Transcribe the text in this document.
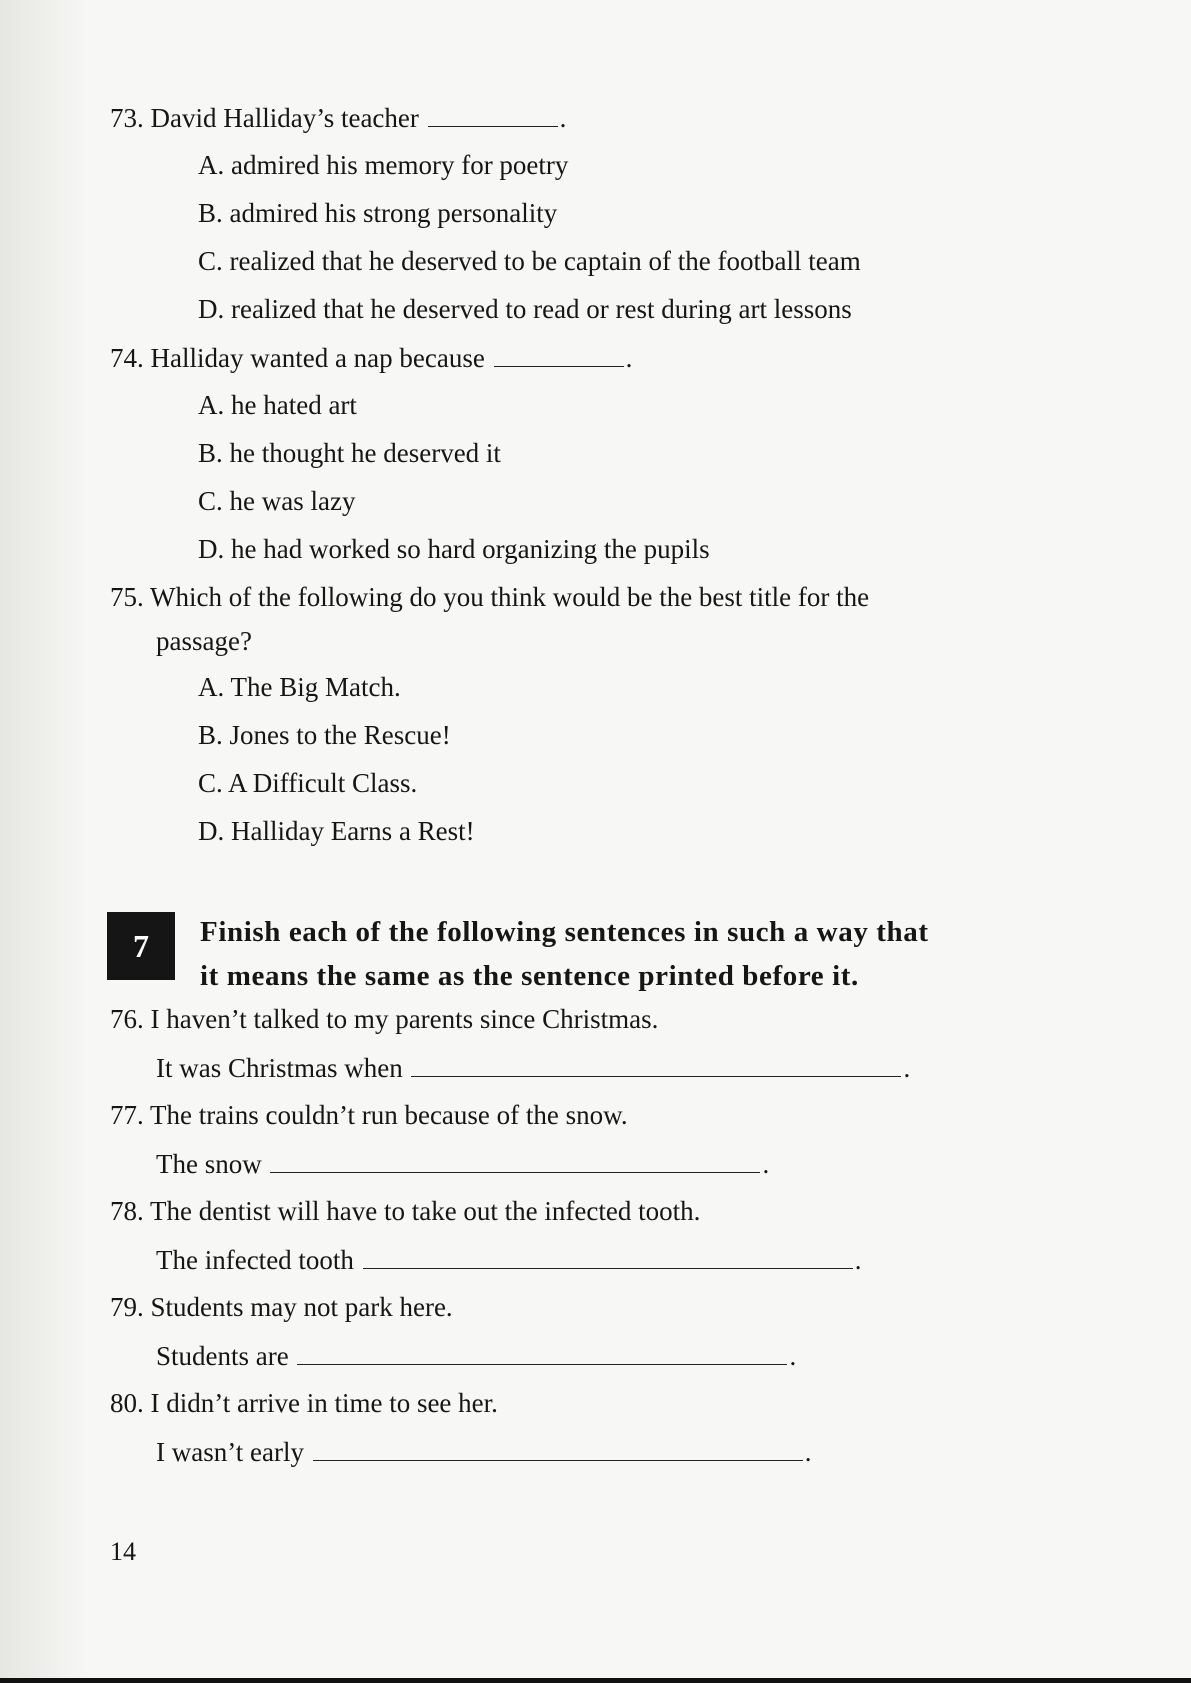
73. David Halliday’s teacher	.
A. admired his memory for poetry
B. admired his strong personality
C. realized that he deserved to be captain of the football team
D. realized that he deserved to read or rest during art lessons
74. Halliday wanted a nap because	.
A. he hated art
B. he thought he deserved it
C. he was lazy
D. he had worked so hard organizing the pupils
75. Which of the following do you think would be the best title for the
passage?
A. The Big Match.
B. Jones to the Rescue!
C. A Difficult Class.
D. Halliday Earns a Rest!
7	Finish each of the following sentences in such a way that
it means the same as the sentence printed before it.
76. I haven’t talked to my parents since Christmas.
It was Christmas when	.
77. The trains couldn’t run because of the snow.
The snow	.
78. The dentist will have to take out the infected tooth.
The infected tooth	.
79. Students may not park here.
Students are	.
80. I didn’t arrive in time to see her.
I wasn’t early	.
14
